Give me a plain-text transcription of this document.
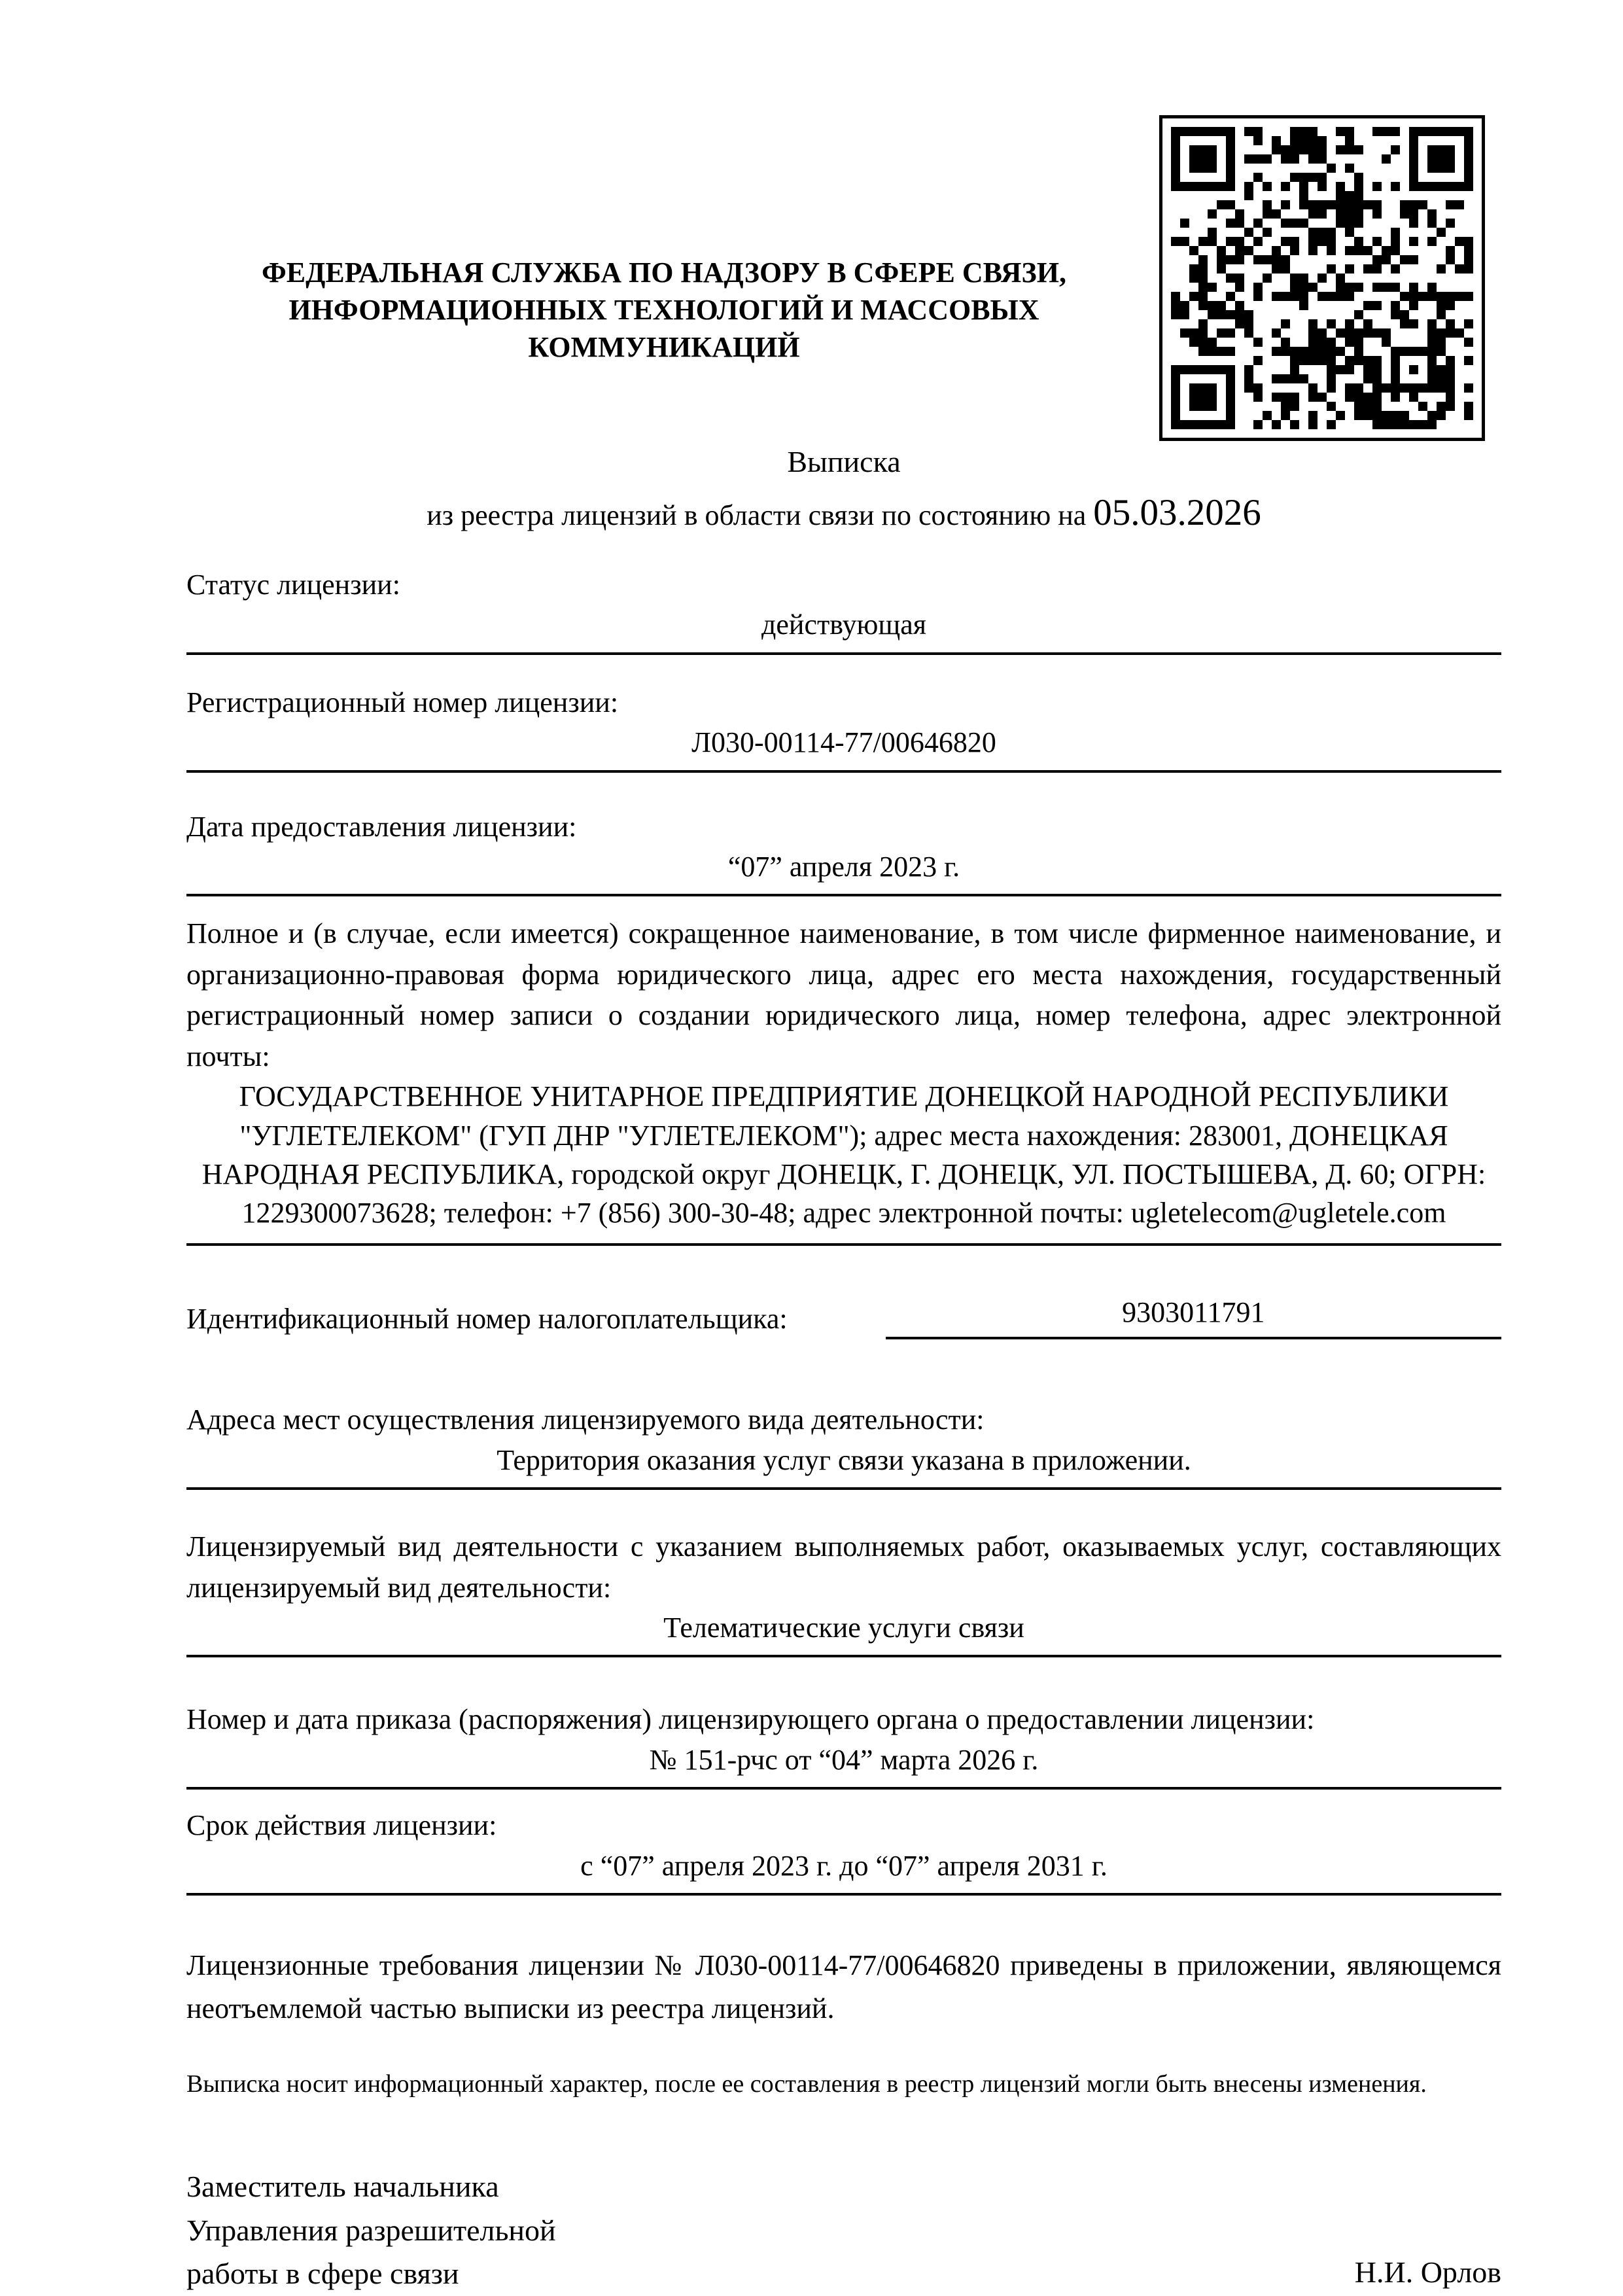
ФЕДЕРАЛЬНАЯ СЛУЖБА ПО НАДЗОРУ В СФЕРЕ СВЯЗИ, ИНФОРМАЦИОННЫХ ТЕХНОЛОГИЙ И МАССОВЫХ КОММУНИКАЦИЙ
Выписка
из реестра лицензий в области связи по состоянию на 05.03.2026
Статус лицензии:
действующая
Регистрационный номер лицензии:
Л030-00114-77/00646820
Дата предоставления лицензии:
“07” апреля 2023 г.
Полное и (в случае, если имеется) сокращенное наименование, в том числе фирменное наименование, и организационно-правовая форма юридического лица, адрес его места нахождения, государственный регистрационный номер записи о создании юридического лица, номер телефона, адрес электронной почты:
ГОСУДАРСТВЕННОЕ УНИТАРНОЕ ПРЕДПРИЯТИЕ ДОНЕЦКОЙ НАРОДНОЙ РЕСПУБЛИКИ "УГЛЕТЕЛЕКОМ" (ГУП ДНР "УГЛЕТЕЛЕКОМ"); адрес места нахождения: 283001, ДОНЕЦКАЯ НАРОДНАЯ РЕСПУБЛИКА, городской округ ДОНЕЦК, Г. ДОНЕЦК, УЛ. ПОСТЫШЕВА, Д. 60; ОГРН: 1229300073628; телефон: +7 (856) 300-30-48; адрес электронной почты: ugletelecom@ugletele.com
Идентификационный номер налогоплательщика:	9303011791
Адреса мест осуществления лицензируемого вида деятельности:
Территория оказания услуг связи указана в приложении.
Лицензируемый вид деятельности с указанием выполняемых работ, оказываемых услуг, составляющих лицензируемый вид деятельности:
Телематические услуги связи
Номер и дата приказа (распоряжения) лицензирующего органа о предоставлении лицензии:
№ 151-рчс от “04” марта 2026 г.
Срок действия лицензии:
с “07” апреля 2023 г. до “07” апреля 2031 г.
Лицензионные требования лицензии № Л030-00114-77/00646820 приведены в приложении, являющемся неотъемлемой частью выписки из реестра лицензий.
Выписка носит информационный характер, после ее составления в реестр лицензий могли быть внесены изменения.
Заместитель начальника
Управления разрешительной
работы в сфере связи	Н.И. Орлов
